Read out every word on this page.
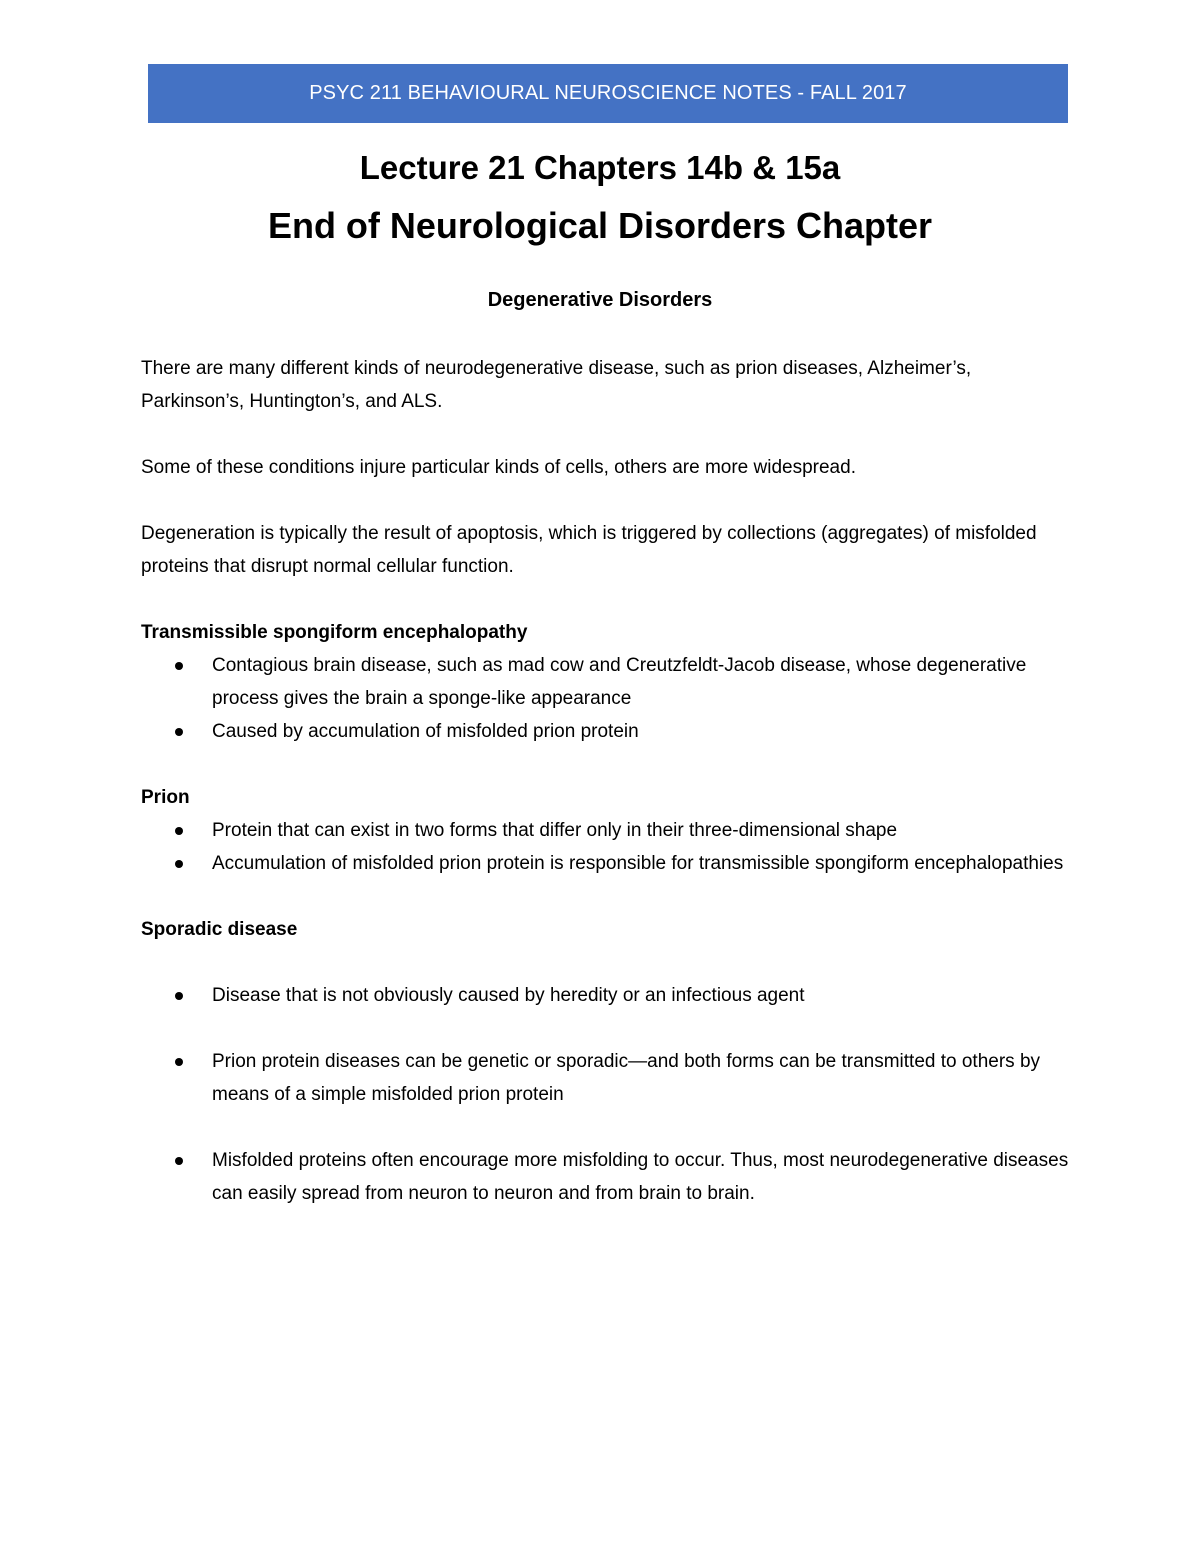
PSYC 211 BEHAVIOURAL NEUROSCIENCE NOTES - FALL 2017
Lecture 21 Chapters 14b & 15a
End of Neurological Disorders Chapter
Degenerative Disorders

There are many different kinds of neurodegenerative disease, such as prion diseases, Alzheimer’s, Parkinson’s, Huntington’s, and ALS.

Some of these conditions injure particular kinds of cells, others are more widespread.

Degeneration is typically the result of apoptosis, which is triggered by collections (aggregates) of misfolded proteins that disrupt normal cellular function.

Transmissible spongiform encephalopathy

Contagious brain disease, such as mad cow and Creutzfeldt-Jacob disease, whose degenerative process gives the brain a sponge-like appearance
Caused by accumulation of misfolded prion protein

Prion

Protein that can exist in two forms that differ only in their three-dimensional shape
Accumulation of misfolded prion protein is responsible for transmissible spongiform encephalopathies

Sporadic disease

Disease that is not obviously caused by heredity or an infectious agent
Prion protein diseases can be genetic or sporadic—and both forms can be transmitted to others by means of a simple misfolded prion protein
Misfolded proteins often encourage more misfolding to occur. Thus, most neurodegenerative diseases can easily spread from neuron to neuron and from brain to brain.
